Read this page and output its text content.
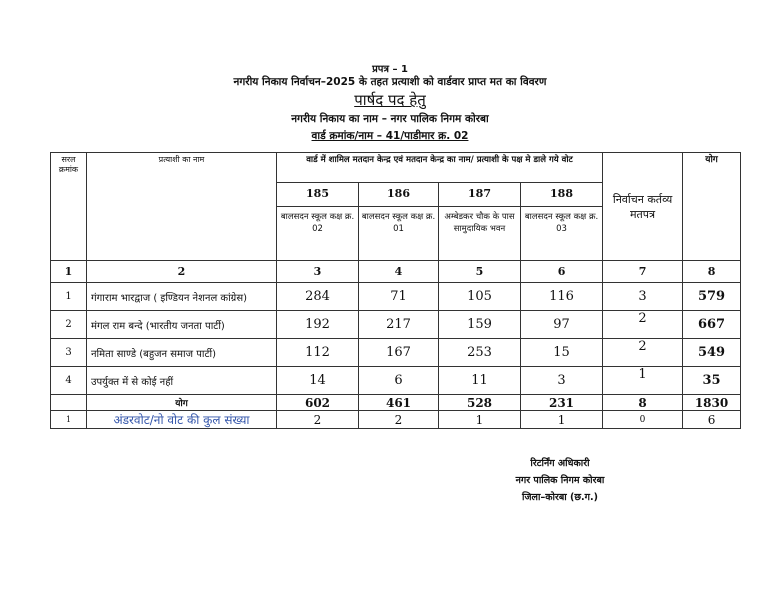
प्रपत्र – 1
नगरीय निकाय निर्वाचन–2025 के तहत प्रत्याशी को वार्डवार प्राप्त मत का विवरण
पार्षद पद हेतु
नगरीय निकाय का नाम – नगर पालिक निगम कोरबा
वार्ड क्रमांक/नाम – 41/पाडीमार क्र. 02
सरल क्रमांक	प्रत्याशी का नाम	वार्ड में शामिल मतदान केन्द्र एवं मतदान केन्द्र का नाम/ प्रत्याशी के पक्ष मे डाले गये वोट				निर्वाचन कर्तव्य मतपत्र	योग
		185	186	187	188		
		बालसदन स्कूल कक्ष क्र. 02	बालसदन स्कूल कक्ष क्र. 01	अम्बेडकर चौक के पास सामुदायिक भवन	बालसदन स्कूल कक्ष क्र. 03		
1	2	3	4	5	6	7	8
1	गंगाराम भारद्वाज ( इण्डियन नेशनल कांग्रेस)	284	71	105	116	3	579
2	मंगल राम बन्दे (भारतीय जनता पार्टी)	192	217	159	97	2	667
3	नमिता साण्डे (बहुजन समाज पार्टी)	112	167	253	15	2	549
4	उपर्युक्त में से कोई नहीं	14	6	11	3	1	35
	योग	602	461	528	231	8	1830
1	अंडरवोट/नो वोट की कुल संख्या	2	2	1	1	0	6
रिटर्निंग अधिकारी
नगर पालिक निगम कोरबा
जिला–कोरबा (छ.ग.)
